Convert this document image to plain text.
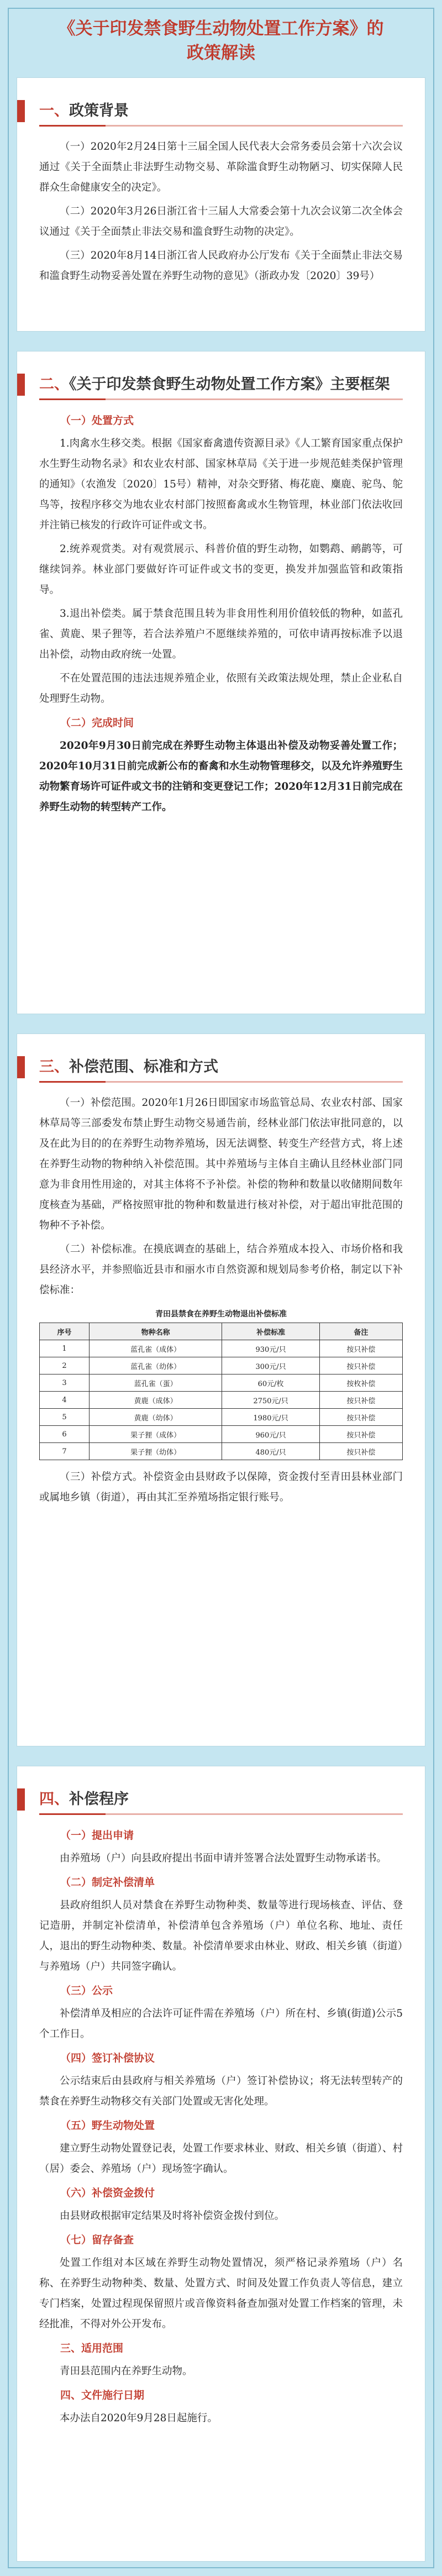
《关于印发禁食野生动物处置工作方案》的
政策解读
一、政策背景

（一）2020年2月24日第十三届全国人民代表大会常务委员会第十六次会议通过《关于全面禁止非法野生动物交易、革除滥食野生动物陋习、切实保障人民群众生命健康安全的决定》。

（二）2020年3月26日浙江省十三届人大常委会第十九次会议第二次全体会议通过《关于全面禁止非法交易和滥食野生动物的决定》。

（三）2020年8月14日浙江省人民政府办公厅发布《关于全面禁止非法交易和滥食野生动物妥善处置在养野生动物的意见》（浙政办发〔2020〕39号）

二、《关于印发禁食野生动物处置工作方案》主要框架
（一）处置方式

1.肉禽水生移交类。根据《国家畜禽遗传资源目录》《人工繁育国家重点保护水生野生动物名录》和农业农村部、国家林草局《关于进一步规范蛙类保护管理的通知》（农渔发〔2020〕15号）精神，对杂交野猪、梅花鹿、麋鹿、驼鸟、鸵鸟等，按程序移交为地农业农村部门按照畜禽或水生物管理，林业部门依法收回并注销已核发的行政许可证件或文书。

2.统养观赏类。对有观赏展示、科普价值的野生动物，如鹦鹉、鸸鹋等，可继续饲养。林业部门要做好许可证件或文书的变更，换发并加强监管和政策指导。

3.退出补偿类。属于禁食范围且转为非食用性利用价值较低的物种，如蓝孔雀、黄鹿、果子狸等，若合法养殖户不愿继续养殖的，可依申请再按标准予以退出补偿，动物由政府统一处置。

不在处置范围的违法违规养殖企业，依照有关政策法规处理，禁止企业私自处理野生动物。

（二）完成时间

2020年9月30日前完成在养野生动物主体退出补偿及动物妥善处置工作；2020年10月31日前完成新公布的畜禽和水生动物管理移交，以及允许养殖野生动物繁育场许可证件或文书的注销和变更登记工作；2020年12月31日前完成在养野生动物的转型转产工作。

三、补偿范围、标准和方式

（一）补偿范围。2020年1月26日即国家市场监管总局、农业农村部、国家林草局等三部委发布禁止野生动物交易通告前，经林业部门依法审批同意的，以及在此为目的的在养野生动物养殖场，因无法调整、转变生产经营方式，将上述在养野生动物的物种纳入补偿范围。其中养殖场与主体自主确认且经林业部门同意为非食用性用途的，对其主体将不予补偿。补偿的物种和数量以收储期间数年度核查为基础，严格按照审批的物种和数量进行核对补偿，对于超出审批范围的物种不予补偿。

（二）补偿标准。在摸底调查的基础上，结合养殖成本投入、市场价格和我县经济水平，并参照临近县市和丽水市自然资源和规划局参考价格，制定以下补偿标准：

青田县禁食在养野生动物退出补偿标准
序号	物种名称	补偿标准	备注
1	蓝孔雀（成体）	930元/只	按只补偿
2	蓝孔雀（幼体）	300元/只	按只补偿
3	蓝孔雀（蛋）	60元/枚	按枚补偿
4	黄鹿（成体）	2750元/只	按只补偿
5	黄鹿（幼体）	1980元/只	按只补偿
6	果子狸（成体）	960元/只	按只补偿
7	果子狸（幼体）	480元/只	按只补偿

（三）补偿方式。补偿资金由县财政予以保障，资金拨付至青田县林业部门或属地乡镇（街道），再由其汇至养殖场指定银行账号。

四、补偿程序
（一）提出申请

由养殖场（户）向县政府提出书面申请并签署合法处置野生动物承诺书。

（二）制定补偿清单

县政府组织人员对禁食在养野生动物种类、数量等进行现场核查、评估、登记造册，并制定补偿清单，补偿清单包含养殖场（户）单位名称、地址、责任人，退出的野生动物种类、数量。补偿清单要求由林业、财政、相关乡镇（街道）与养殖场（户）共同签字确认。

（三）公示

补偿清单及相应的合法许可证件需在养殖场（户）所在村、乡镇(街道)公示5个工作日。

（四）签订补偿协议

公示结束后由县政府与相关养殖场（户）签订补偿协议；将无法转型转产的禁食在养野生动物移交有关部门处置或无害化处理。

（五）野生动物处置

建立野生动物处置登记表，处置工作要求林业、财政、相关乡镇（街道）、村（居）委会、养殖场（户）现场签字确认。

（六）补偿资金拨付

由县财政根据审定结果及时将补偿资金拨付到位。

（七）留存备查

处置工作组对本区域在养野生动物处置情况，须严格记录养殖场（户）名称、在养野生动物种类、数量、处置方式、时间及处置工作负责人等信息，建立专门档案，处置过程现保留照片或音像资料备查加强对处置工作档案的管理，未经批准，不得对外公开发布。

三、适用范围

青田县范围内在养野生动物。

四、文件施行日期

本办法自2020年9月28日起施行。
